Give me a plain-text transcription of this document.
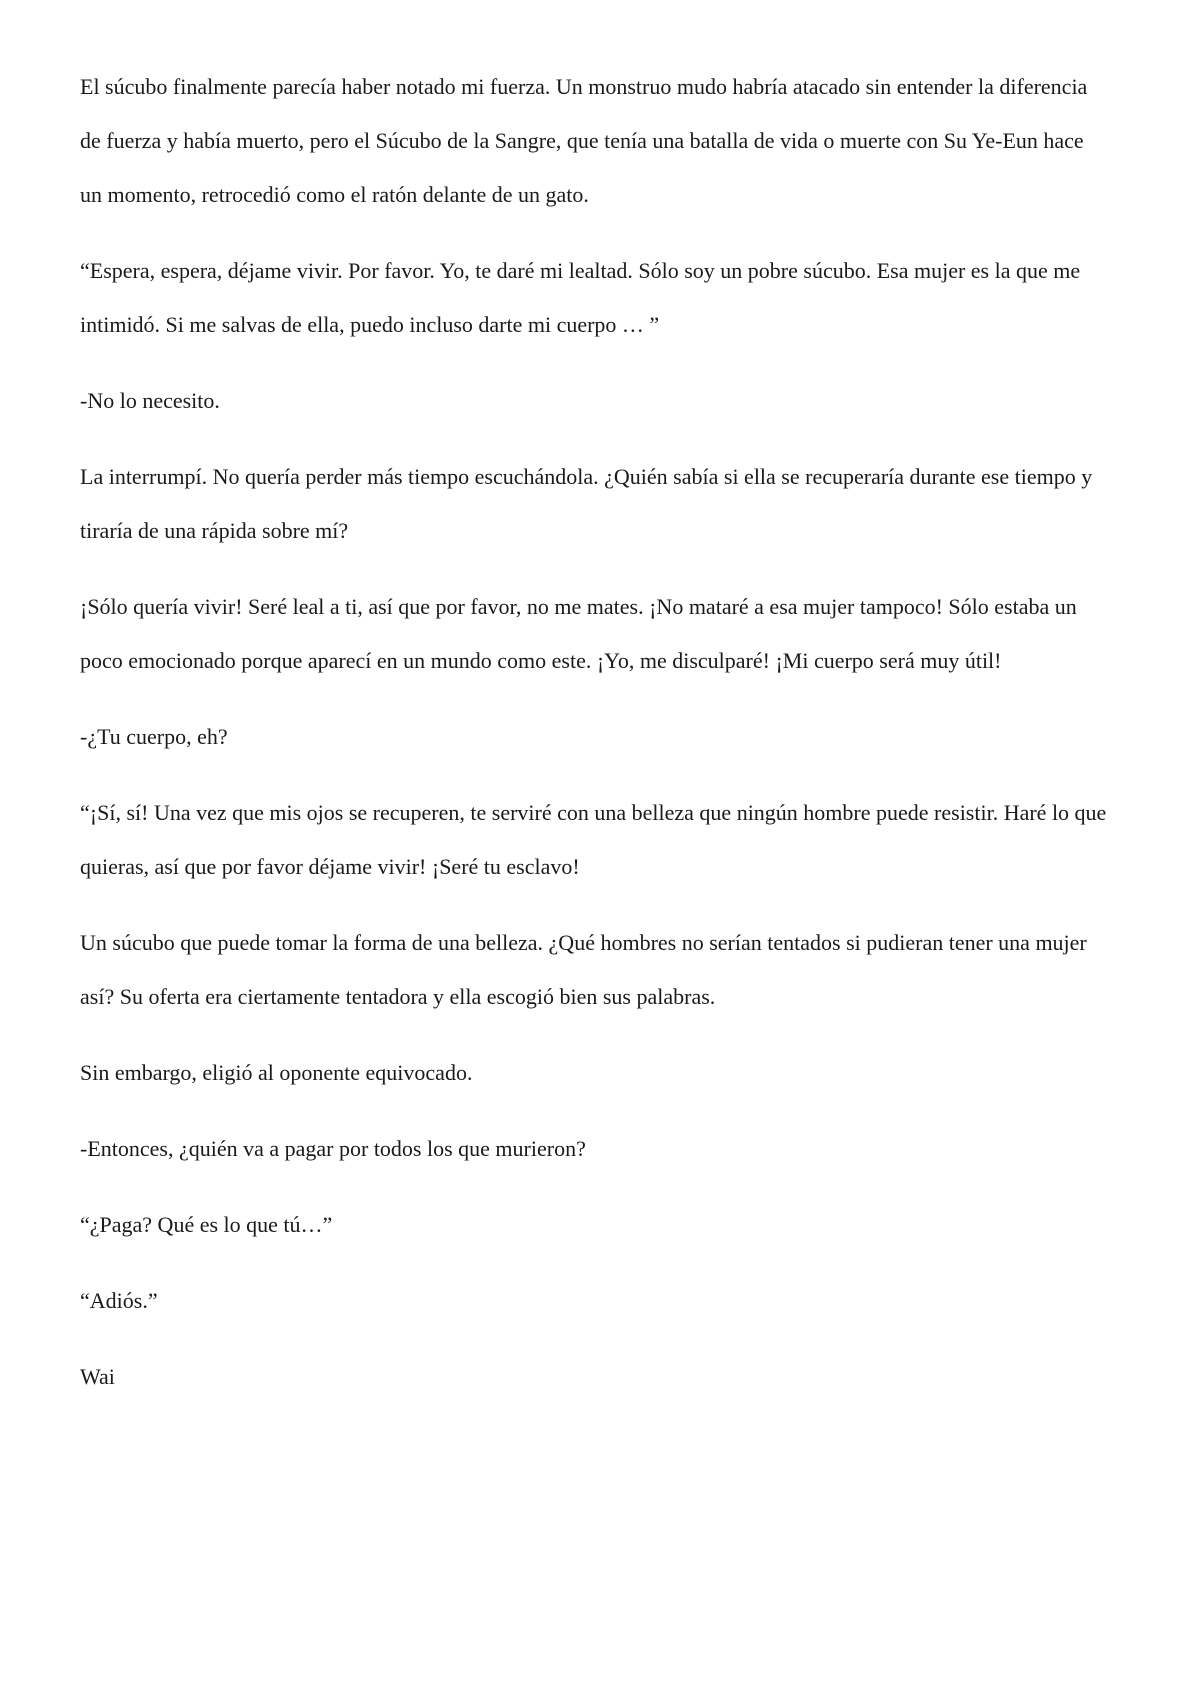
El súcubo finalmente parecía haber notado mi fuerza. Un monstruo mudo habría atacado sin entender la diferencia de fuerza y había muerto, pero el Súcubo de la Sangre, que tenía una batalla de vida o muerte con Su Ye-Eun hace un momento, retrocedió como el ratón delante de un gato.

“Espera, espera, déjame vivir. Por favor. Yo, te daré mi lealtad. Sólo soy un pobre súcubo. Esa mujer es la que me intimidó. Si me salvas de ella, puedo incluso darte mi cuerpo … ”

-No lo necesito.

La interrumpí. No quería perder más tiempo escuchándola. ¿Quién sabía si ella se recuperaría durante ese tiempo y tiraría de una rápida sobre mí?

¡Sólo quería vivir! Seré leal a ti, así que por favor, no me mates. ¡No mataré a esa mujer tampoco! Sólo estaba un poco emocionado porque aparecí en un mundo como este. ¡Yo, me disculparé! ¡Mi cuerpo será muy útil!

-¿Tu cuerpo, eh?

“¡Sí, sí! Una vez que mis ojos se recuperen, te serviré con una belleza que ningún hombre puede resistir. Haré lo que quieras, así que por favor déjame vivir! ¡Seré tu esclavo!

Un súcubo que puede tomar la forma de una belleza. ¿Qué hombres no serían tentados si pudieran tener una mujer así? Su oferta era ciertamente tentadora y ella escogió bien sus palabras.

Sin embargo, eligió al oponente equivocado.

-Entonces, ¿quién va a pagar por todos los que murieron?

“¿Paga? Qué es lo que tú…”

“Adiós.”

Wai
